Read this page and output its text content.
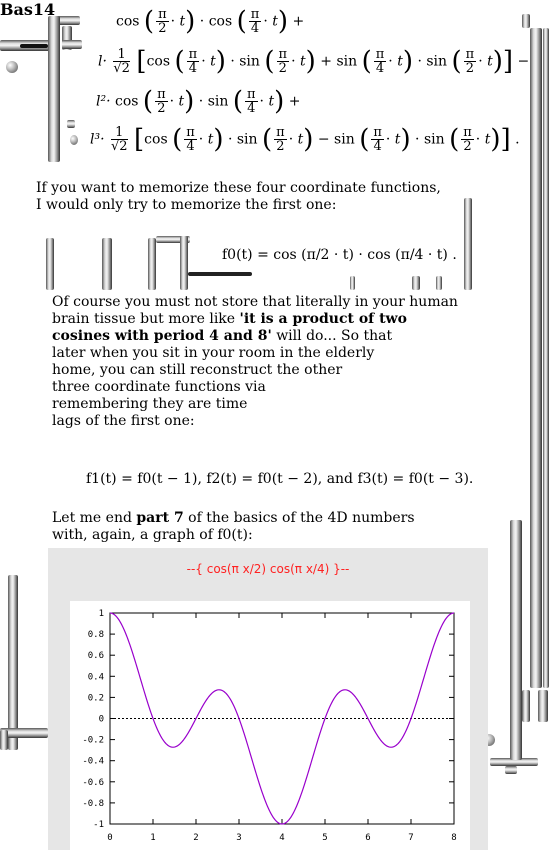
Bas14
cos ( $\frac{\pi}{2} \cdot t) \cdot \cos$ ( $\frac{\pi}{4} \cdot t$) +
$l\cdot \frac{1}{√2} [\cos$ ( $\frac{\pi}{4} \cdot t) \cdot \sin$ ( $\frac{\pi}{2} \cdot t) + \sin$ ( $\frac{\pi}{4} \cdot t) \cdot \sin$ ( $\frac{\pi}{2} \cdot t$)] −
l²· cos ( $\frac{\pi}{2} \cdot t) \cdot \sin$ ( $\frac{\pi}{4} \cdot t$) +
$l^3\cdot \frac{1}{√2} [\cos$ ( $\frac{\pi}{4} \cdot t) \cdot \sin$ ( $\frac{\pi}{2} \cdot t) - \sin$ ( $\frac{\pi}{4} \cdot t) \cdot \sin$ ( $\frac{\pi}{2} \cdot t$)] .
If you want to memorize these four coordinate functions,
I would only try to memorize the first one:
f0(t) = cos (π/2 · t) · cos (π/4 · t) .
Of course you must not store that literally in your human
brain tissue but more like 'it is a product of two
cosines with period 4 and 8' will do... So that
later when you sit in your room in the elderly
home, you can still reconstruct the other
three coordinate functions via
remembering they are time
lags of the first one:
f1(t) = f0(t − 1), f2(t) = f0(t − 2), and f3(t) = f0(t − 3).
Let me end part 7 of the basics of the 4D numbers
with, again, a graph of f0(t):
--{ cos(π x/2) cos(π x/4) }--
0	1	2	3	4	5	6	7	8
1
0.8
0.6
0.4
0.2
0
-0.2
-0.4
-0.6
-0.8
-1
